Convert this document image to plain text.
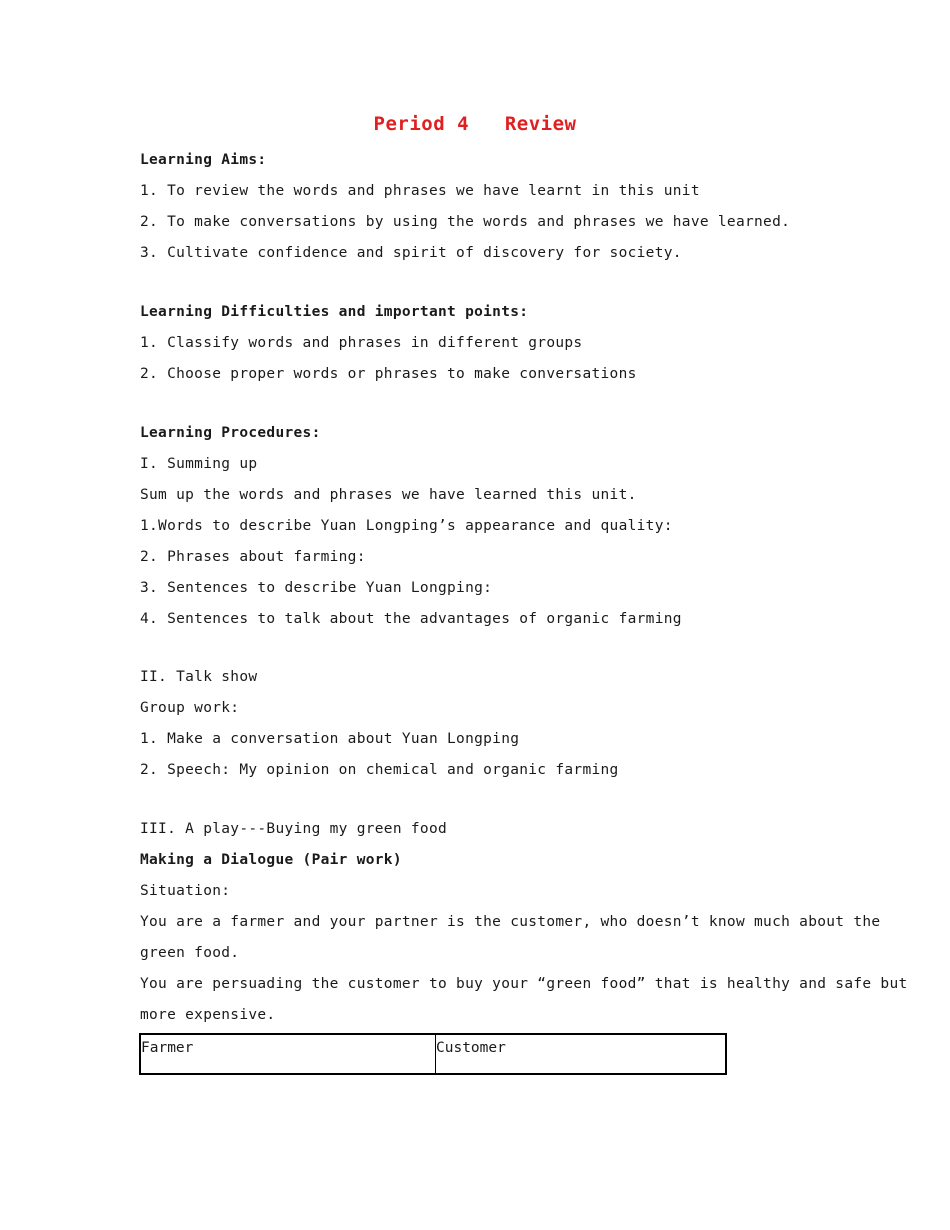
Period 4   Review
Learning Aims:
1. To review the words and phrases we have learnt in this unit
2. To make conversations by using the words and phrases we have learned.
3. Cultivate confidence and spirit of discovery for society.
Learning Difficulties and important points:
1. Classify words and phrases in different groups
2. Choose proper words or phrases to make conversations
Learning Procedures:
I. Summing up
Sum up the words and phrases we have learned this unit.
1.Words to describe Yuan Longping’s appearance and quality:
2. Phrases about farming:
3. Sentences to describe Yuan Longping:
4. Sentences to talk about the advantages of organic farming
II. Talk show
Group work:
1. Make a conversation about Yuan Longping
2. Speech: My opinion on chemical and organic farming
III. A play---Buying my green food
Making a Dialogue (Pair work)
Situation:
You are a farmer and your partner is the customer, who doesn’t know much about the
green food.
You are persuading the customer to buy your “green food” that is healthy and safe but
more expensive.
Farmer	Customer
